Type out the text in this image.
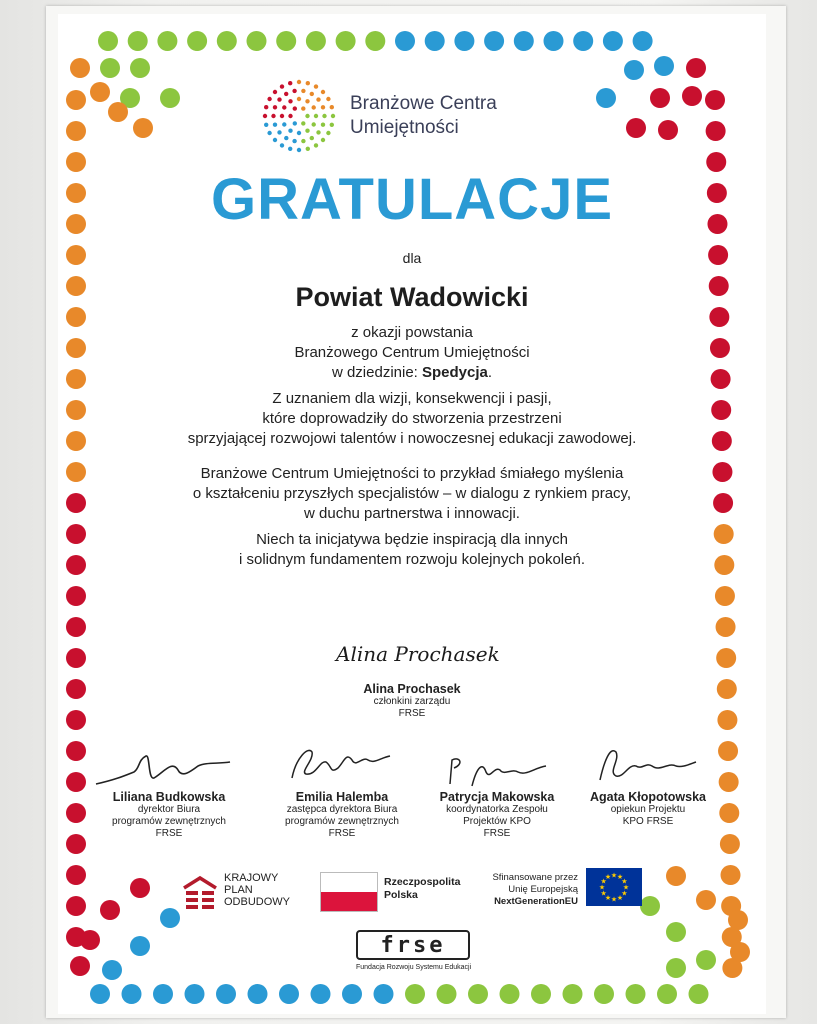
Branżowe Centra
Umiejętności
GRATULACJE
dla
Powiat Wadowicki
z okazji powstania
Branżowego Centrum Umiejętności
w dziedzinie: Spedycja.
Z uznaniem dla wizji, konsekwencji i pasji,
które doprowadziły do stworzenia przestrzeni
sprzyjającej rozwojowi talentów i nowoczesnej edukacji zawodowej.
Branżowe Centrum Umiejętności to przykład śmiałego myślenia
o kształceniu przyszłych specjalistów – w dialogu z rynkiem pracy,
w duchu partnerstwa i innowacji.
Niech ta inicjatywa będzie inspiracją dla innych
i solidnym fundamentem rozwoju kolejnych pokoleń.
Alina Prochasek
Alina Prochasek
członkini zarządu
FRSE
Liliana Budkowska
dyrektor Biura
programów zewnętrznych
FRSE
Emilia Halemba
zastępca dyrektora Biura
programów zewnętrznych
FRSE
Patrycja Makowska
koordynatorka Zespołu
Projektów KPO
FRSE
Agata Kłopotowska
opiekun Projektu
KPO FRSE
KRAJOWY
PLAN
ODBUDOWY
Rzeczpospolita
Polska
Sfinansowane przez
Unię Europejską
NextGenerationEU
★
★
★
★
★
★
★
★
★ ★ ★
★
frse
Fundacja Rozwoju Systemu Edukacji
